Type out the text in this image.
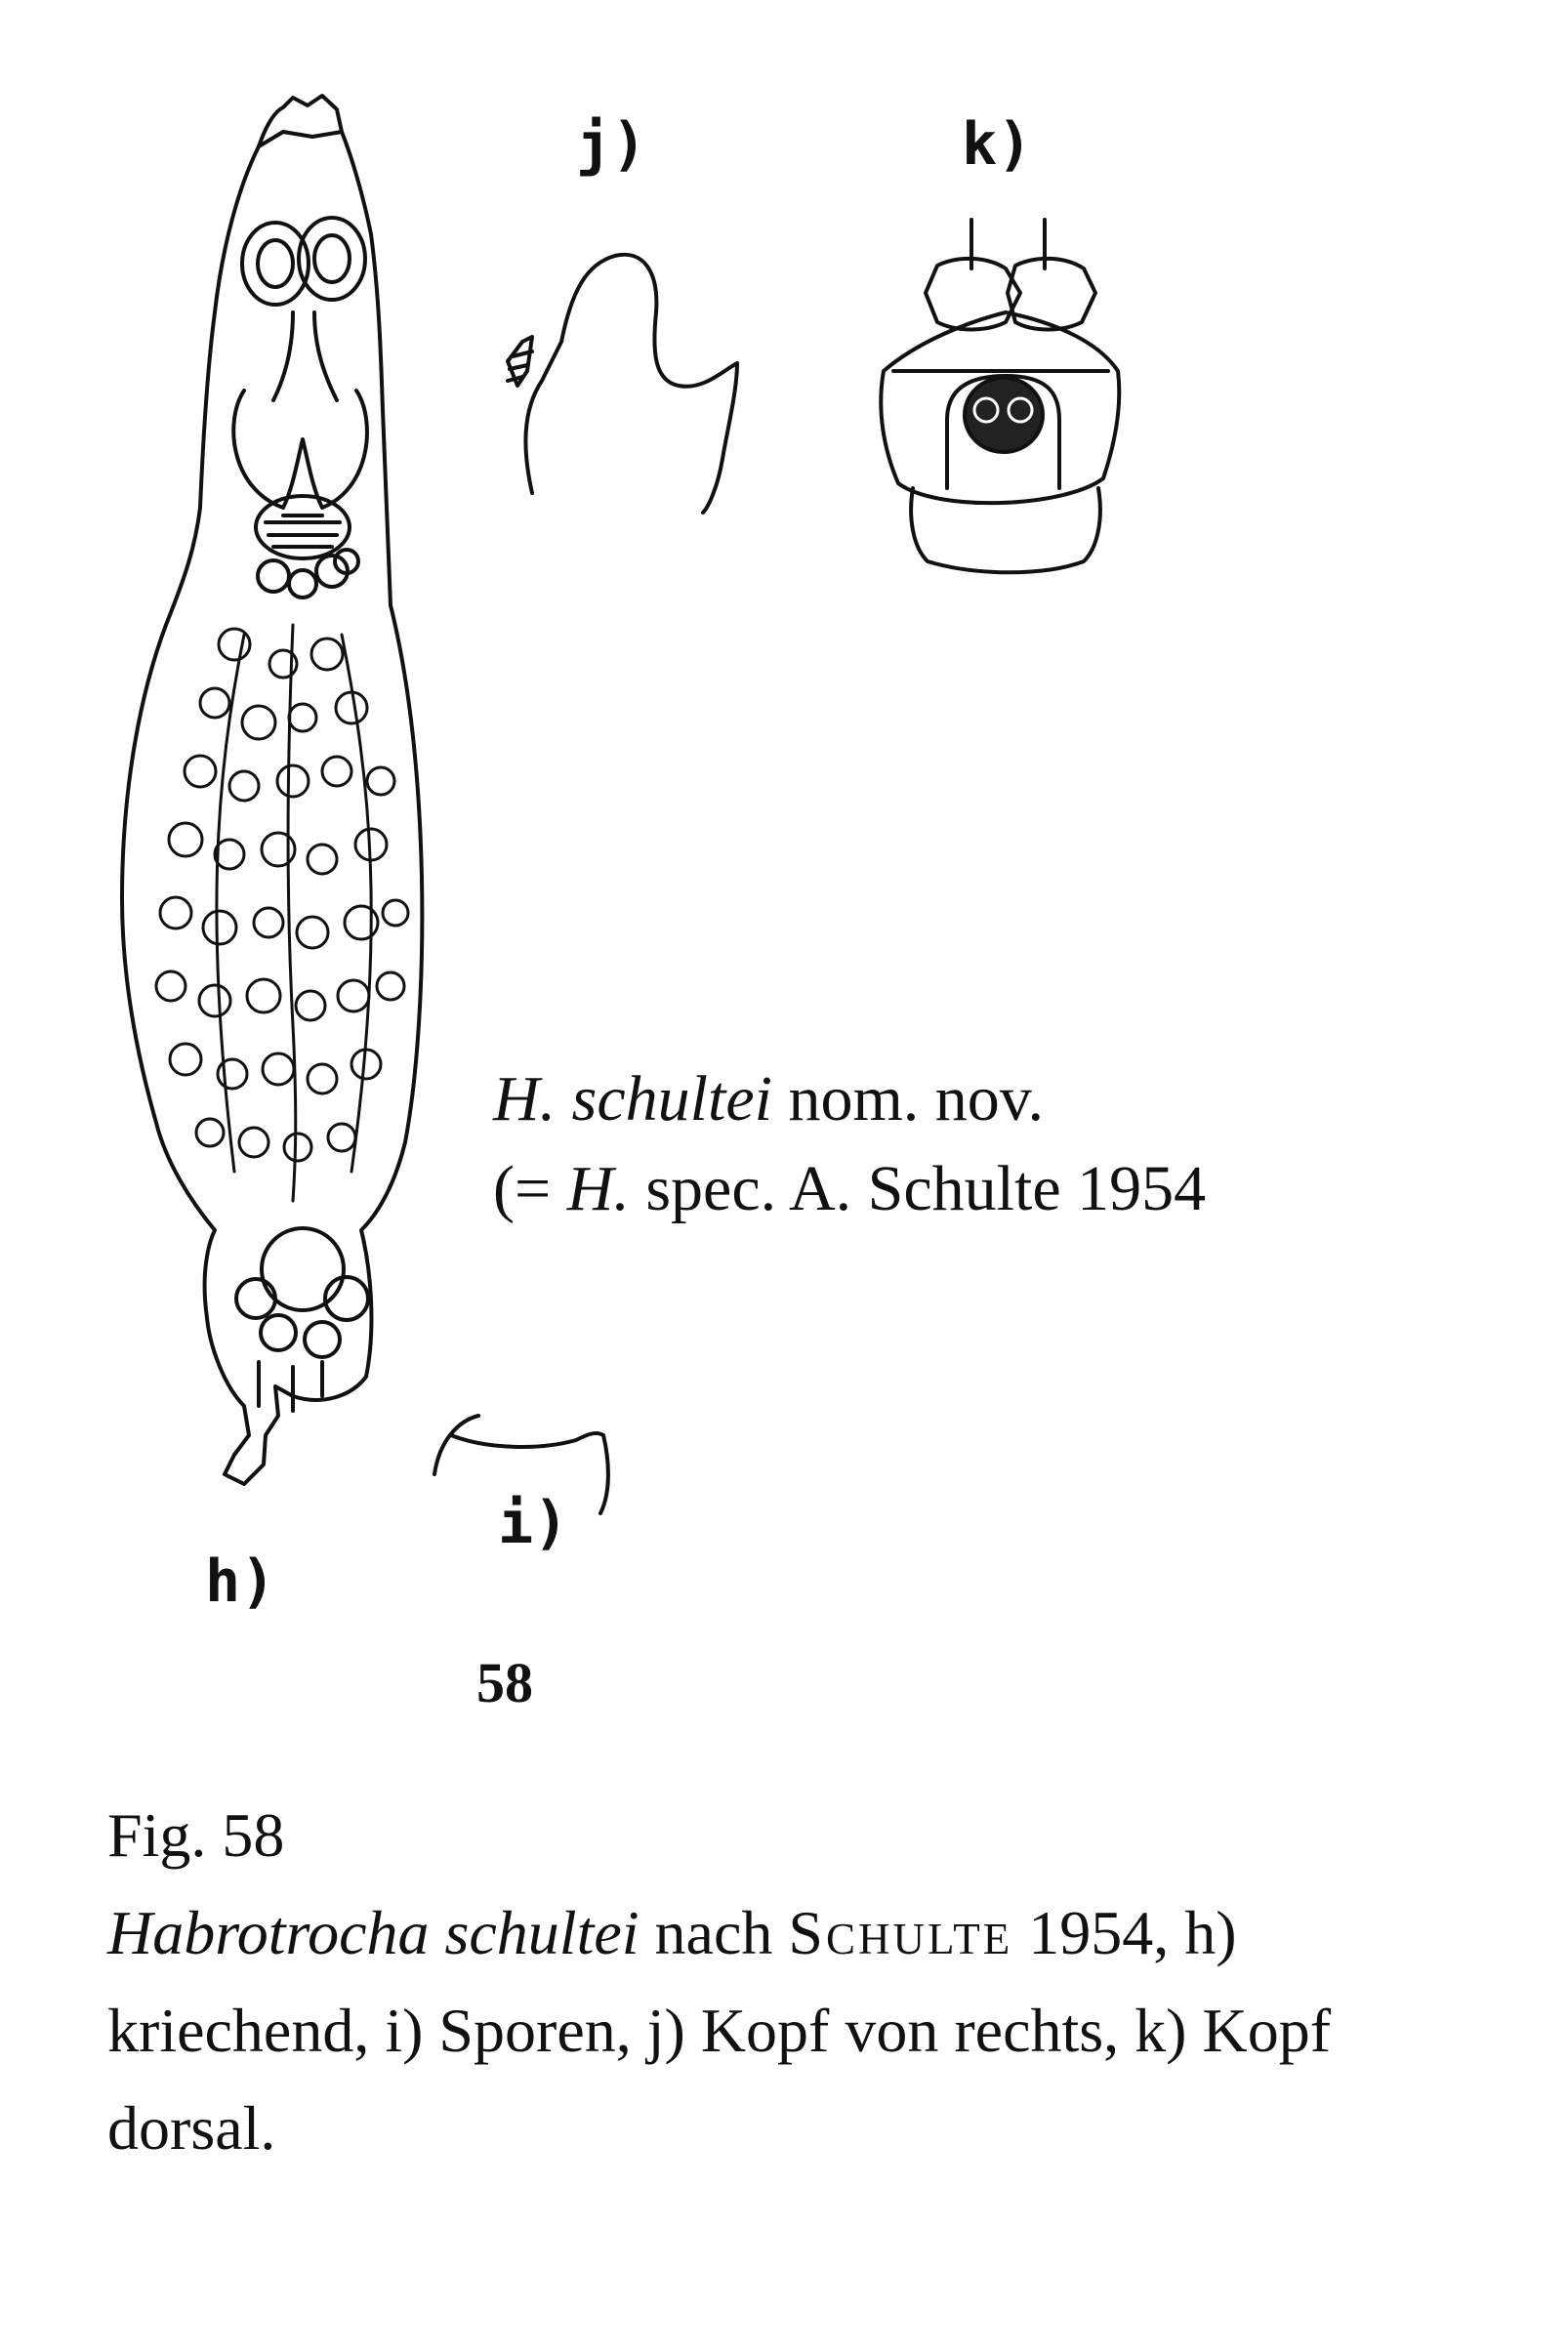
j)	k)
i)
h)
H. schultei nom. nov.
(= H. spec. A. Schulte 1954
58
Fig. 58
Habrotrocha schultei nach Schulte 1954, h) kriechend, i) Sporen, j) Kopf von rechts, k) Kopf dorsal.
